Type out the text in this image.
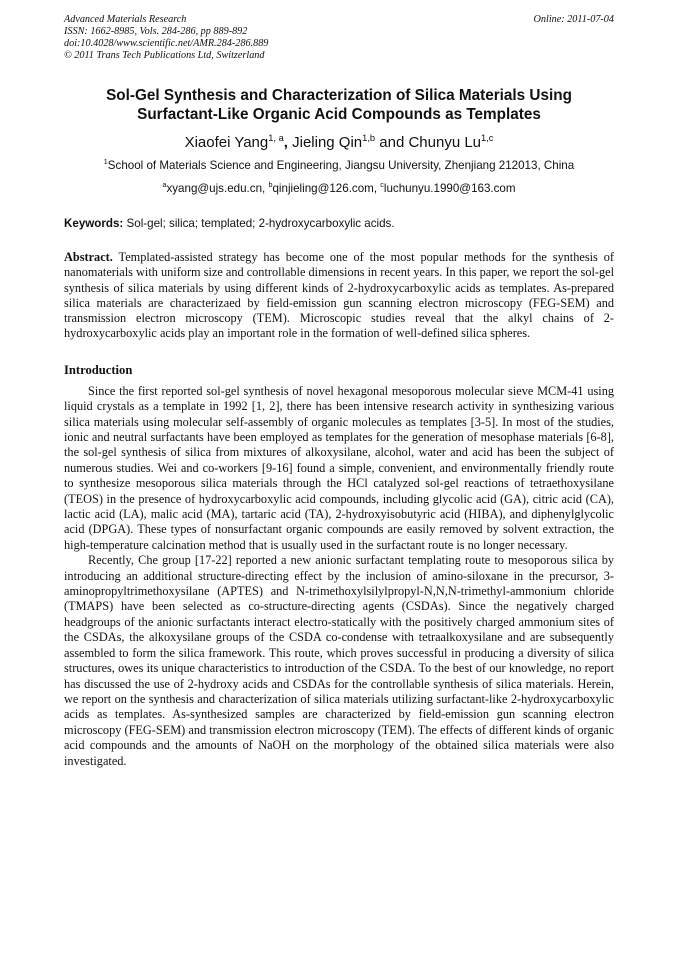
Advanced Materials Research
ISSN: 1662-8985, Vols. 284-286, pp 889-892
doi:10.4028/www.scientific.net/AMR.284-286.889
© 2011 Trans Tech Publications Ltd, Switzerland
Online: 2011-07-04
Sol-Gel Synthesis and Characterization of Silica Materials Using
Surfactant-Like Organic Acid Compounds as Templates
Xiaofei Yang$^{1, a}$, Jieling Qin$^{1,b}$ and Chunyu Lu$^{1,c}$
$^1$School of Materials Science and Engineering, Jiangsu University, Zhenjiang 212013, China
$^a$xyang@ujs.edu.cn, $^b$qinjieling@126.com, $^c$luchunyu.1990@163.com
Keywords: Sol-gel; silica; templated; 2-hydroxycarboxylic acids.
Abstract. Templated-assisted strategy has become one of the most popular methods for the synthesis of nanomaterials with uniform size and controllable dimensions in recent years. In this paper, we report the sol-gel synthesis of silica materials by using different kinds of 2-hydroxycarboxylic acids as templates. As-prepared silica materials are characterizaed by field-emission gun scanning electron microscopy (FEG-SEM) and transmission electron microscopy (TEM). Microscopic studies reveal that the alkyl chains of 2-hydroxycarboxylic acids play an important role in the formation of well-defined silica spheres.
Introduction

Since the first reported sol-gel synthesis of novel hexagonal mesoporous molecular sieve MCM-41 using liquid crystals as a template in 1992 [1, 2], there has been intensive research activity in synthesizing various silica materials using molecular self-assembly of organic molecules as templates [3-5]. In most of the studies, ionic and neutral surfactants have been employed as templates for the generation of mesophase materials [6-8], the sol-gel synthesis of silica from mixtures of alkoxysilane, alcohol, water and acid has been the subject of numerous studies. Wei and co-workers [9-16] found a simple, convenient, and environmentally friendly route to synthesize mesoporous silica materials through the HCl catalyzed sol-gel reactions of tetraethoxysilane (TEOS) in the presence of hydroxycarboxylic acid compounds, including glycolic acid (GA), citric acid (CA), lactic acid (LA), malic acid (MA), tartaric acid (TA), 2-hydroxyisobutyric acid (HIBA), and diphenylglycolic acid (DPGA). These types of nonsurfactant organic compounds are easily removed by solvent extraction, the high-temperature calcination method that is usually used in the surfactant route is no longer necessary.

Recently, Che group [17-22] reported a new anionic surfactant templating route to mesoporous silica by introducing an additional structure-directing effect by the inclusion of amino-siloxane in the precursor, 3-aminopropyltrimethoxysilane (APTES) and N-trimethoxylsilylpropyl-N,N,N-trimethyl-ammonium chloride (TMAPS) have been selected as co-structure-directing agents (CSDAs). Since the negatively charged headgroups of the anionic surfactants interact electro-statically with the positively charged ammonium sites of the CSDAs, the alkoxysilane groups of the CSDA co-condense with tetraalkoxysilane and are subsequently assembled to form the silica framework. This route, which proves successful in producing a diversity of silica structures, owes its unique characteristics to introduction of the CSDA. To the best of our knowledge, no report has discussed the use of 2-hydroxy acids and CSDAs for the controllable synthesis of silica materials. Herein, we report on the synthesis and characterization of silica materials utilizing surfactant-like 2-hydroxycarboxylic acids as templates. As-synthesized samples are characterized by field-emission gun scanning electron microscopy (FEG-SEM) and transmission electron microscopy (TEM). The effects of different kinds of organic acid compounds and the amounts of NaOH on the morphology of the obtained silica materials were also investigated.
